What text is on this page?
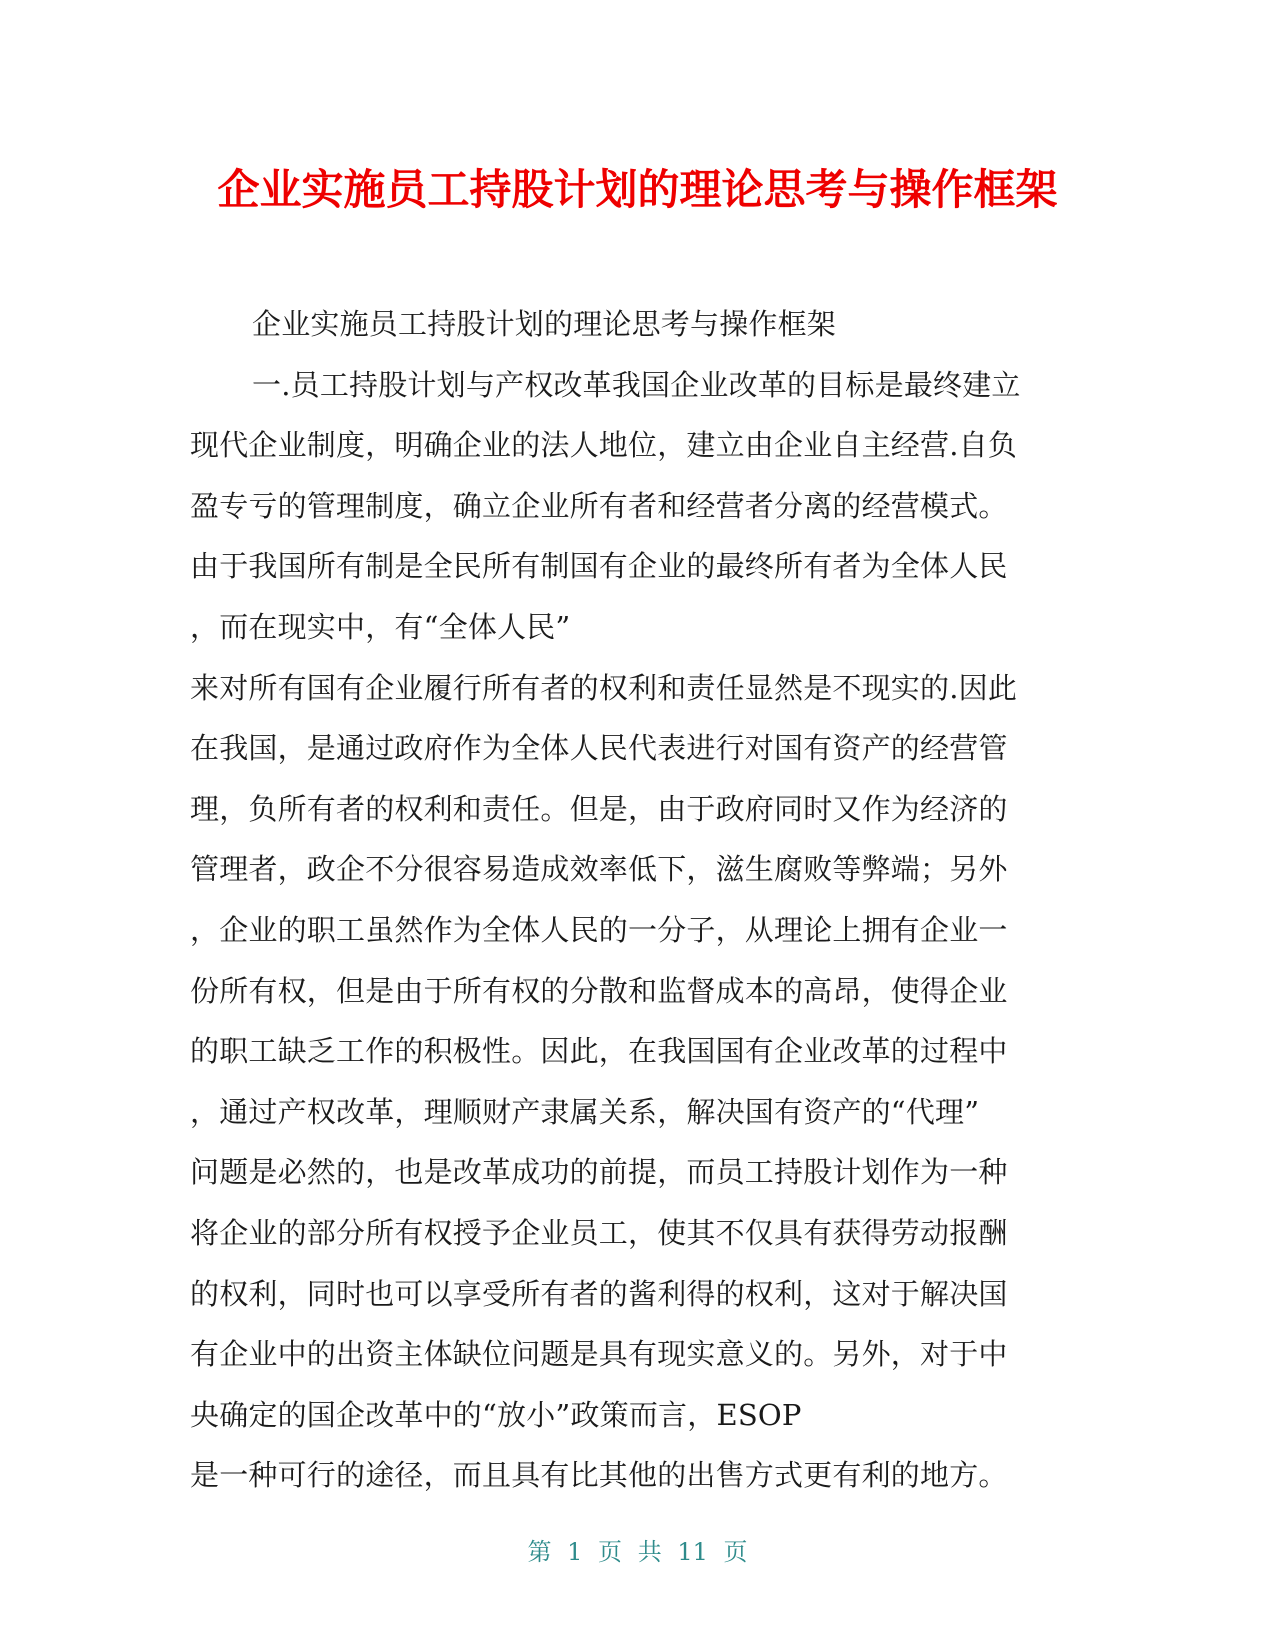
企业实施员工持股计划的理论思考与操作框架
企业实施员工持股计划的理论思考与操作框架
一.员工持股计划与产权改革我国企业改革的目标是最终建立
现代企业制度，明确企业的法人地位，建立由企业自主经营.自负
盈专亏的管理制度，确立企业所有者和经营者分离的经营模式。
由于我国所有制是全民所有制国有企业的最终所有者为全体人民
，而在现实中，有“全体人民”
来对所有国有企业履行所有者的权利和责任显然是不现实的.因此
在我国，是通过政府作为全体人民代表进行对国有资产的经营管
理，负所有者的权利和责任。但是，由于政府同时又作为经济的
管理者，政企不分很容易造成效率低下，滋生腐败等弊端；另外
，企业的职工虽然作为全体人民的一分子，从理论上拥有企业一
份所有权，但是由于所有权的分散和监督成本的高昂，使得企业
的职工缺乏工作的积极性。因此，在我国国有企业改革的过程中
，通过产权改革，理顺财产隶属关系，解决国有资产的“代理”
问题是必然的，也是改革成功的前提，而员工持股计划作为一种
将企业的部分所有权授予企业员工，使其不仅具有获得劳动报酬
的权利，同时也可以享受所有者的酱利得的权利，这对于解决国
有企业中的出资主体缺位问题是具有现实意义的。另外，对于中
央确定的国企改革中的“放小”政策而言，ESOP
是一种可行的途径，而且具有比其他的出售方式更有利的地方。
第 1 页 共 11 页
